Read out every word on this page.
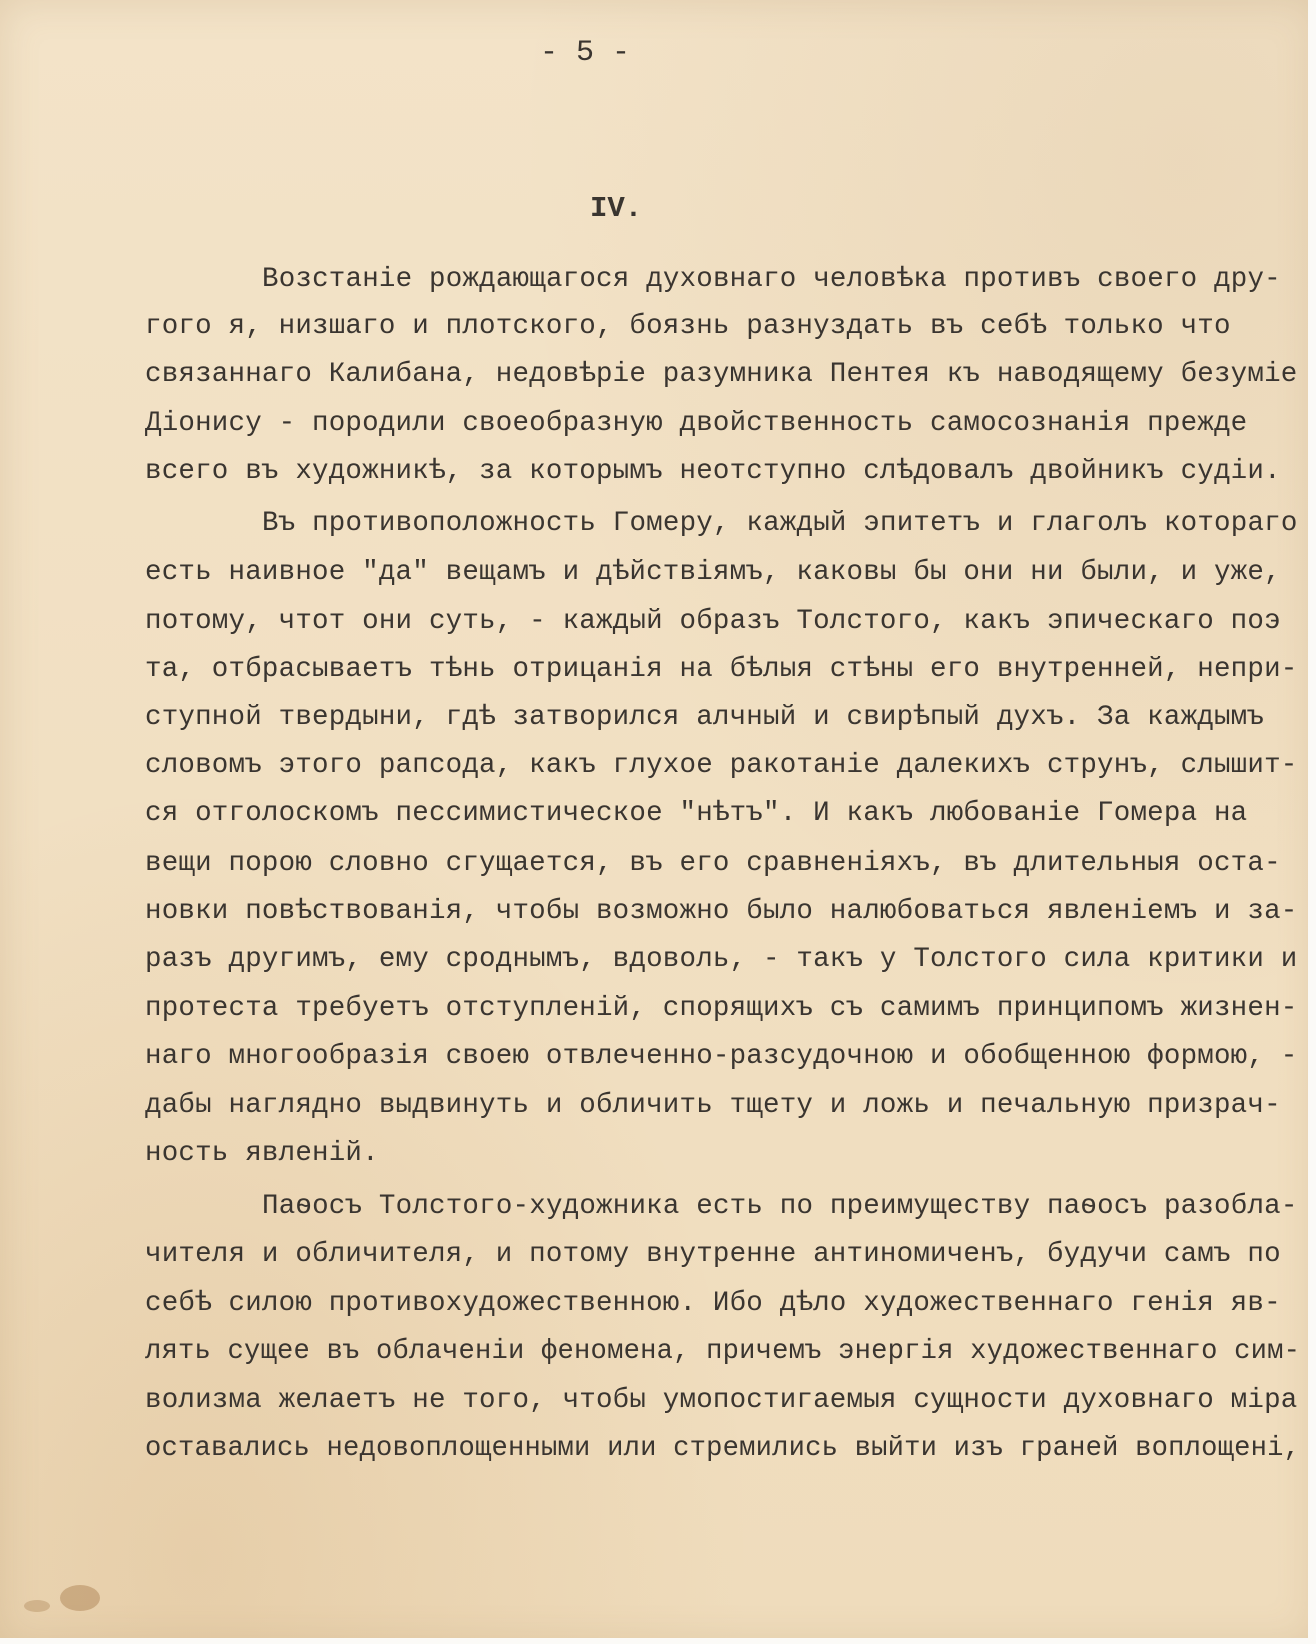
- 5 -
IV.
Возстаніе рождающагося духовнаго человѣка противъ своего дру-
гого я, низшаго и плотского, боязнь разнуздать въ себѣ только что
связаннаго Калибана, недовѣріе разумника Пентея къ наводящему безуміе
Діонису - породили своеобразную двойственность самосознанія прежде
всего въ художникѣ, за которымъ неотступно слѣдовалъ двойникъ судіи.
Въ противоположность Гомеру, каждый эпитетъ и глаголъ котораго
есть наивное "да" вещамъ и дѣйствіямъ, каковы бы они ни были, и уже,
потому, чтот они суть, - каждый образъ Толстого, какъ эпическаго поэ
та, отбрасываетъ тѣнь отрицанія на бѣлыя стѣны его внутренней, непри-
ступной твердыни, гдѣ затворился алчный и свирѣпый духъ. За каждымъ
словомъ этого рапсода, какъ глухое ракотаніе далекихъ струнъ, слышит-
ся отголоскомъ пессимистическое "нѣтъ". И какъ любованіе Гомера на
вещи порою словно сгущается, въ его сравненіяхъ, въ длительныя оста-
новки повѣствованія, чтобы возможно было налюбоваться явленіемъ и за-
разъ другимъ, ему сроднымъ, вдоволь, - такъ у Толстого сила критики и
протеста требуетъ отступленій, спорящихъ съ самимъ принципомъ жизнен-
наго многообразія своею отвлеченно-разсудочною и обобщенною формою, -
дабы наглядно выдвинуть и обличить тщету и ложь и печальную призрач-
ность явленій.
Паѳосъ Толстого-художника есть по преимуществу паѳосъ разобла-
чителя и обличителя, и потому внутренне антиномиченъ, будучи самъ по
себѣ силою противохудожественною. Ибо дѣло художественнаго генія яв-
лять сущее въ облаченіи феномена, причемъ энергія художественнаго сим-
волизма желаетъ не того, чтобы умопостигаемыя сущности духовнаго міра
оставались недовоплощенными или стремились выйти изъ граней воплощені,
